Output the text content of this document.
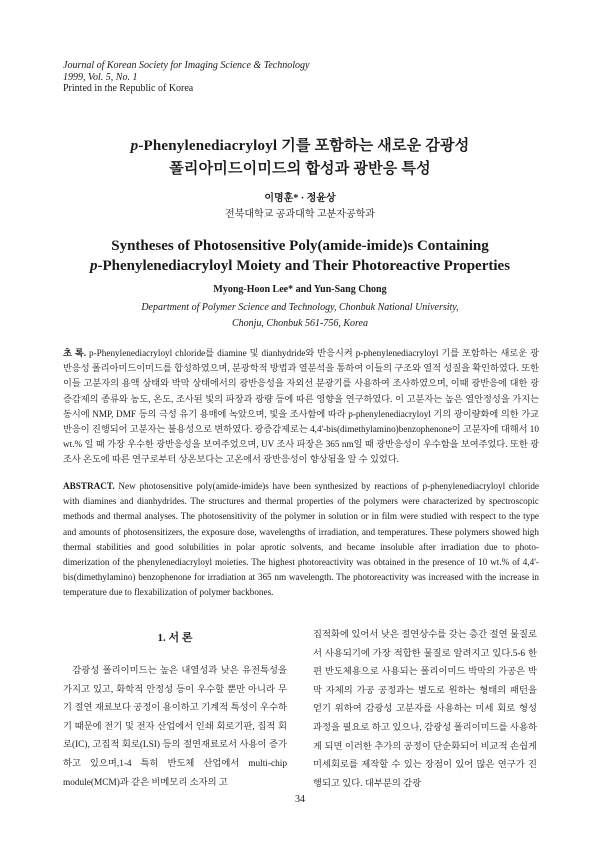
Journal of Korean Society for Imaging Science & Technology
1999, Vol. 5, No. 1
Printed in the Republic of Korea
p-Phenylenediacryloyl 기를 포함하는 새로운 감광성
폴리아미드이미드의 합성과 광반응 특성
이명훈* · 정윤상
전북대학교 공과대학 고분자공학과
Syntheses of Photosensitive Poly(amide-imide)s Containing
p-Phenylenediacryloyl Moiety and Their Photoreactive Properties
Myong-Hoon Lee* and Yun-Sang Chong
Department of Polymer Science and Technology, Chonbuk National University,
Chonju, Chonbuk 561-756, Korea
초 록. p-Phenylenediacryloyl chloride를 diamine 및 dianhydride와 반응시켜 p-phenylenediacryloyl 기를 포함하는 새로운 광반응성 폴리아미드이미드를 합성하였으며, 분광학적 방법과 열분석을 통하여 이들의 구조와 열적 성질을 확인하였다. 또한 이들 고분자의 용액 상태와 박막 상태에서의 광반응성을 자외선 분광기를 사용하여 조사하였으며, 이때 광반응에 대한 광증감제의 종류와 농도, 온도, 조사된 빛의 파장과 광량 등에 따른 영향을 연구하였다. 이 고분자는 높은 열안정성을 가지는 동시에 NMP, DMF 등의 극성 유기 용매에 녹았으며, 빛을 조사함에 따라 p-phenylenediacryloyl 기의 광이량화에 의한 가교 반응이 진행되어 고분자는 불용성으로 변하였다. 광증감제로는 4,4'-bis(dimethylamino)benzophenone이 고분자에 대해서 10 wt.% 일 때 가장 우수한 광반응성을 보여주었으며, UV 조사 파장은 365 nm일 때 광반응성이 우수함을 보여주었다. 또한 광조사 온도에 따른 연구로부터 상온보다는 고온에서 광반응성이 향상됨을 알 수 있었다.
ABSTRACT. New photosensitive poly(amide-imide)s have been synthesized by reactions of p-phenylenediacryloyl chloride with diamines and dianhydrides. The structures and thermal properties of the polymers were characterized by spectroscopic methods and thermal analyses. The photosensitivity of the polymer in solution or in film were studied with respect to the type and amounts of photosensitizers, the exposure dose, wavelengths of irradiation, and temperatures. These polymers showed high thermal stabilities and good solubilities in polar aprotic solvents, and became insoluble after irradiation due to photo-dimerization of the phenylenediacryloyl moieties. The highest photoreactivity was obtained in the presence of 10 wt.% of 4,4'-bis(dimethylamino) benzophenone for irradiation at 365 nm wavelength. The photoreactivity was increased with the increase in temperature due to flexabilization of polymer backbones.
1. 서 론
감광성 폴리이미드는 높은 내열성과 낮은 유전특성을 가지고 있고, 화학적 안정성 등이 우수할 뿐만 아니라 무기 절연 재료보다 공정이 용이하고 기계적 특성이 우수하기 때문에 전기 및 전자 산업에서 인쇄 회로기판, 집적 회로(IC), 고집적 회로(LSI) 등의 절연재료로서 사용이 증가하고 있으며,1-4 특히 반도체 산업에서 multi-chip module(MCM)과 같은 비메모리 소자의 고
집적화에 있어서 낮은 절연상수를 갖는 층간 절연 물질로서 사용되기에 가장 적합한 물질로 알려지고 있다.5-6 한편 반도체용으로 사용되는 폴리이미드 박막의 가공은 박막 자체의 가공 공정과는 별도로 원하는 형태의 패턴을 얻기 위하여 감광성 고분자를 사용하는 미세 회로 형성 과정을 필요로 하고 있으나, 감광성 폴리이미드를 사용하게 되면 이러한 추가의 공정이 단순화되어 비교적 손쉽게 미세회로를 제작할 수 있는 장점이 있어 많은 연구가 진행되고 있다. 대부분의 감광
34
